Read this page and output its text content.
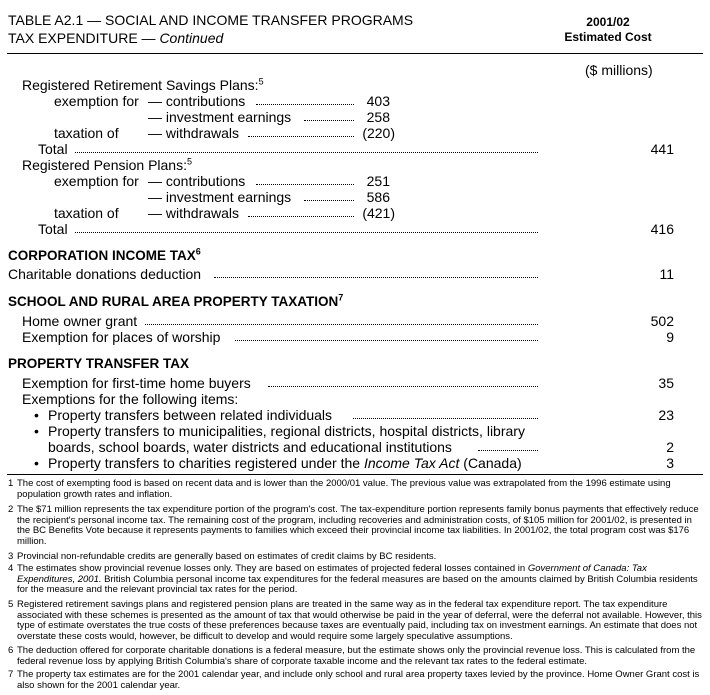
TABLE A2.1 — SOCIAL AND INCOME TRANSFER PROGRAMS
TAX EXPENDITURE — Continued
2001/02
Estimated Cost
($ millions)
Registered Retirement Savings Plans:$^5$
exemption for — contributions	403
— investment earnings	258
taxation of — withdrawals	(220)
Total	441
Registered Pension Plans:$^5$
exemption for — contributions	251
— investment earnings	586
taxation of — withdrawals	(421)
Total	416
CORPORATION INCOME TAX$^6$
Charitable donations deduction	11
SCHOOL AND RURAL AREA PROPERTY TAXATION$^7$
Home owner grant	502
Exemption for places of worship	9
PROPERTY TRANSFER TAX
Exemption for first-time home buyers	35
Exemptions for the following items:
• Property transfers between related individuals	23
• Property transfers to municipalities, regional districts, hospital districts, library
boards, school boards, water districts and educational institutions	2
• Property transfers to charities registered under the Income Tax Act (Canada)	3
1 The cost of exempting food is based on recent data and is lower than the 2000/01 value. The previous value was extrapolated from the 1996 estimate using population growth rates and inflation.
2 The $71 million represents the tax expenditure portion of the program's cost. The tax-expenditure portion represents family bonus payments that effectively reduce the recipient's personal income tax. The remaining cost of the program, including recoveries and administration costs, of $105 million for 2001/02, is presented in the BC Benefits Vote because it represents payments to families which exceed their provincial income tax liabilities. In 2001/02, the total program cost was $176 million.
3 Provincial non-refundable credits are generally based on estimates of credit claims by BC residents.
4 The estimates show provincial revenue losses only. They are based on estimates of projected federal losses contained in Government of Canada: Tax Expenditures, 2001. British Columbia personal income tax expenditures for the federal measures are based on the amounts claimed by British Columbia residents for the measure and the relevant provincial tax rates for the period.
5 Registered retirement savings plans and registered pension plans are treated in the same way as in the federal tax expenditure report. The tax expenditure associated with these schemes is presented as the amount of tax that would otherwise be paid in the year of deferral, were the deferral not available. However, this type of estimate overstates the true costs of these preferences because taxes are eventually paid, including tax on investment earnings. An estimate that does not overstate these costs would, however, be difficult to develop and would require some largely speculative assumptions.
6 The deduction offered for corporate charitable donations is a federal measure, but the estimate shows only the provincial revenue loss. This is calculated from the federal revenue loss by applying British Columbia's share of corporate taxable income and the relevant tax rates to the federal estimate.
7 The property tax estimates are for the 2001 calendar year, and include only school and rural area property taxes levied by the province. Home Owner Grant cost is also shown for the 2001 calendar year.
